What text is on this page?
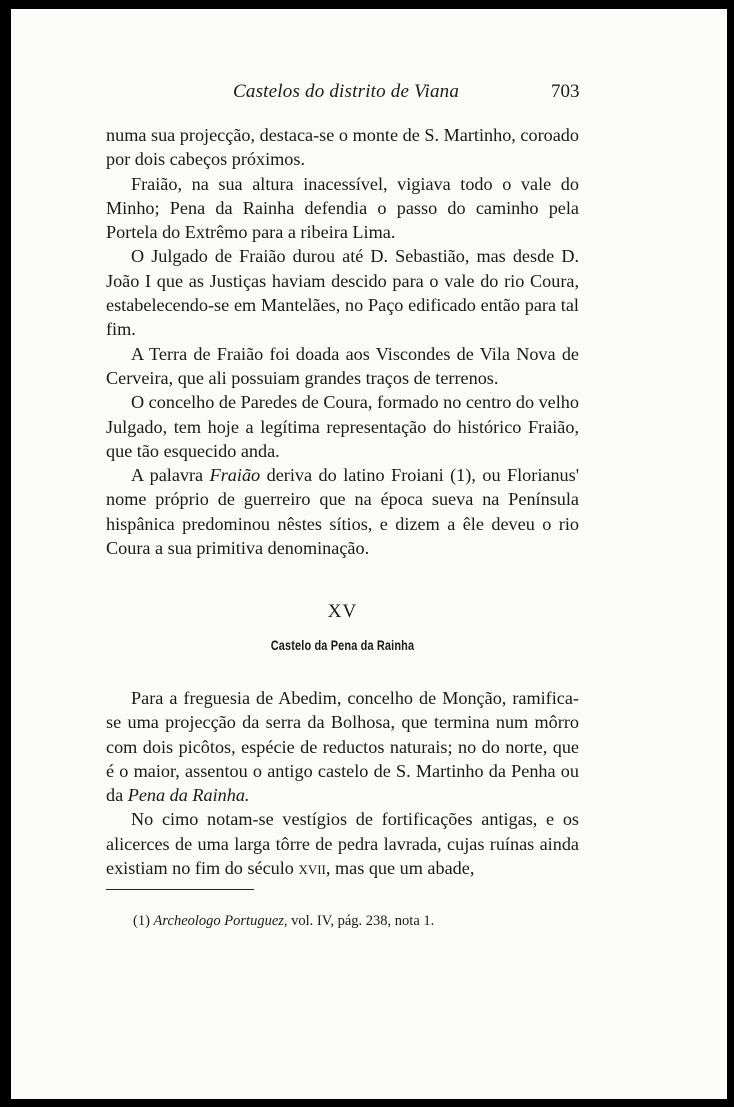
Castelos do distrito de Viana	703

numa sua projecção, destaca-se o monte de S. Martinho, coroado por dois cabeços próximos.

Fraião, na sua altura inacessível, vigiava todo o vale do Minho; Pena da Rainha defendia o passo do caminho pela Portela do Extrêmo para a ribeira Lima.

O Julgado de Fraião durou até D. Sebastião, mas desde D. João I que as Justiças haviam descido para o vale do rio Coura, estabelecendo-se em Mantelães, no Paço edificado então para tal fim.

A Terra de Fraião foi doada aos Viscondes de Vila Nova de Cerveira, que ali possuiam grandes traços de terrenos.

O concelho de Paredes de Coura, formado no centro do velho Julgado, tem hoje a legítima representação do histórico Fraião, que tão esquecido anda.

A palavra Fraião deriva do latino Froiani (1), ou Florianus' nome próprio de guerreiro que na época sueva na Península hispânica predominou nêstes sítios, e dizem a êle deveu o rio Coura a sua primitiva denominação.

XV

Castelo da Pena da Rainha

Para a freguesia de Abedim, concelho de Monção, ramifica-se uma projecção da serra da Bolhosa, que termina num môrro com dois picôtos, espécie de reductos naturais; no do norte, que é o maior, assentou o antigo castelo de S. Martinho da Penha ou da Pena da Rainha.

No cimo notam-se vestígios de fortificações antigas, e os alicerces de uma larga tôrre de pedra lavrada, cujas ruínas ainda existiam no fim do século xvii, mas que um abade,

(1) Archeologo Portuguez, vol. IV, pág. 238, nota 1.
